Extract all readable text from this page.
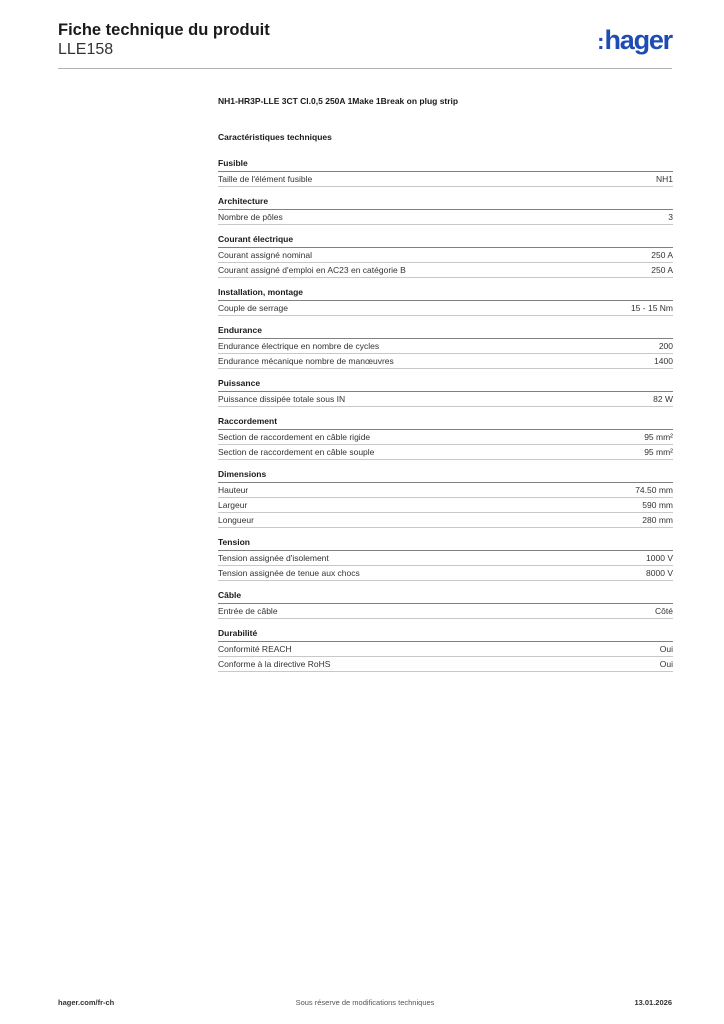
Fiche technique du produit
LLE158	:hager
NH1-HR3P-LLE 3CT Cl.0,5 250A 1Make 1Break on plug strip
Caractéristiques techniques
Fusible
Taille de l'élément fusible	NH1
Architecture
Nombre de pôles	3
Courant électrique
Courant assigné nominal	250 A
Courant assigné d'emploi en AC23 en catégorie B	250 A
Installation, montage
Couple de serrage	15 - 15 Nm
Endurance
Endurance électrique en nombre de cycles	200
Endurance mécanique nombre de manœuvres	1400
Puissance
Puissance dissipée totale sous IN	82 W
Raccordement
Section de raccordement en câble rigide	95 mm²
Section de raccordement en câble souple	95 mm²
Dimensions
Hauteur	74.50 mm
Largeur	590 mm
Longueur	280 mm
Tension
Tension assignée d'isolement	1000 V
Tension assignée de tenue aux chocs	8000 V
Câble
Entrée de câble	Côté
Durabilité
Conformité REACH	Oui
Conforme à la directive RoHS	Oui
hager.com/fr-ch	Sous réserve de modifications techniques	13.01.2026
